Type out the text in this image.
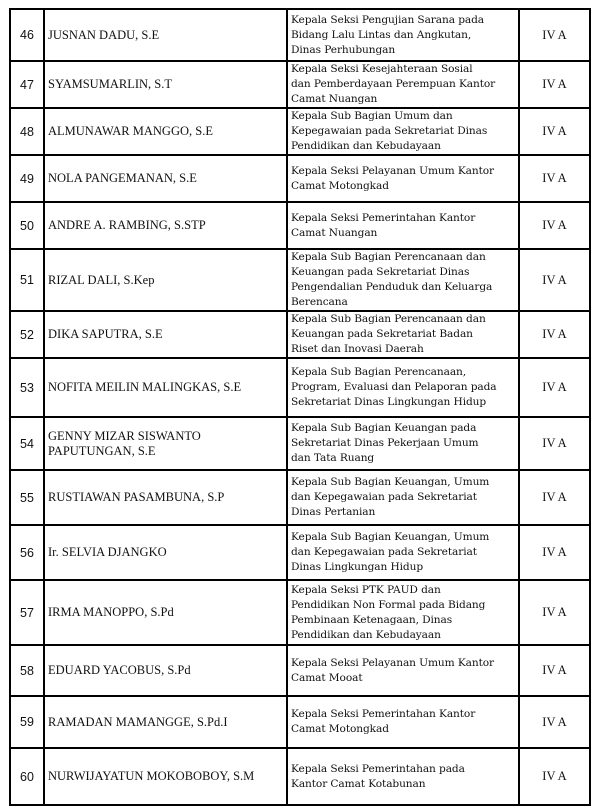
46	JUSNAN DADU, S.E	Kepala Seksi Pengujian Sarana pada
Bidang Lalu Lintas dan Angkutan,
Dinas Perhubungan	IV A
47	SYAMSUMARLIN, S.T	Kepala Seksi Kesejahteraan Sosial
dan Pemberdayaan Perempuan Kantor
Camat Nuangan	IV A
48	ALMUNAWAR MANGGO, S.E	Kepala Sub Bagian Umum dan
Kepegawaian pada Sekretariat Dinas
Pendidikan dan Kebudayaan	IV A
49	NOLA PANGEMANAN, S.E	Kepala Seksi Pelayanan Umum Kantor
Camat Motongkad	IV A
50	ANDRE A. RAMBING, S.STP	Kepala Seksi Pemerintahan Kantor
Camat Nuangan	IV A
51	RIZAL DALI, S.Kep	Kepala Sub Bagian Perencanaan dan
Keuangan pada Sekretariat Dinas
Pengendalian Penduduk dan Keluarga
Berencana	IV A
52	DIKA SAPUTRA, S.E	Kepala Sub Bagian Perencanaan dan
Keuangan pada Sekretariat Badan
Riset dan Inovasi Daerah	IV A
53	NOFITA MEILIN MALINGKAS, S.E	Kepala Sub Bagian Perencanaan,
Program, Evaluasi dan Pelaporan pada
Sekretariat Dinas Lingkungan Hidup	IV A
54	GENNY MIZAR SISWANTO
PAPUTUNGAN, S.E	Kepala Sub Bagian Keuangan pada
Sekretariat Dinas Pekerjaan Umum
dan Tata Ruang	IV A
55	RUSTIAWAN PASAMBUNA, S.P	Kepala Sub Bagian Keuangan, Umum
dan Kepegawaian pada Sekretariat
Dinas Pertanian	IV A
56	Ir. SELVIA DJANGKO	Kepala Sub Bagian Keuangan, Umum
dan Kepegawaian pada Sekretariat
Dinas Lingkungan Hidup	IV A
57	IRMA MANOPPO, S.Pd	Kepala Seksi PTK PAUD dan
Pendidikan Non Formal pada Bidang
Pembinaan Ketenagaan, Dinas
Pendidikan dan Kebudayaan	IV A
58	EDUARD YACOBUS, S.Pd	Kepala Seksi Pelayanan Umum Kantor
Camat Mooat	IV A
59	RAMADAN MAMANGGE, S.Pd.I	Kepala Seksi Pemerintahan Kantor
Camat Motongkad	IV A
60	NURWIJAYATUN MOKOBOBOY, S.M	Kepala Seksi Pemerintahan pada
Kantor Camat Kotabunan	IV A
